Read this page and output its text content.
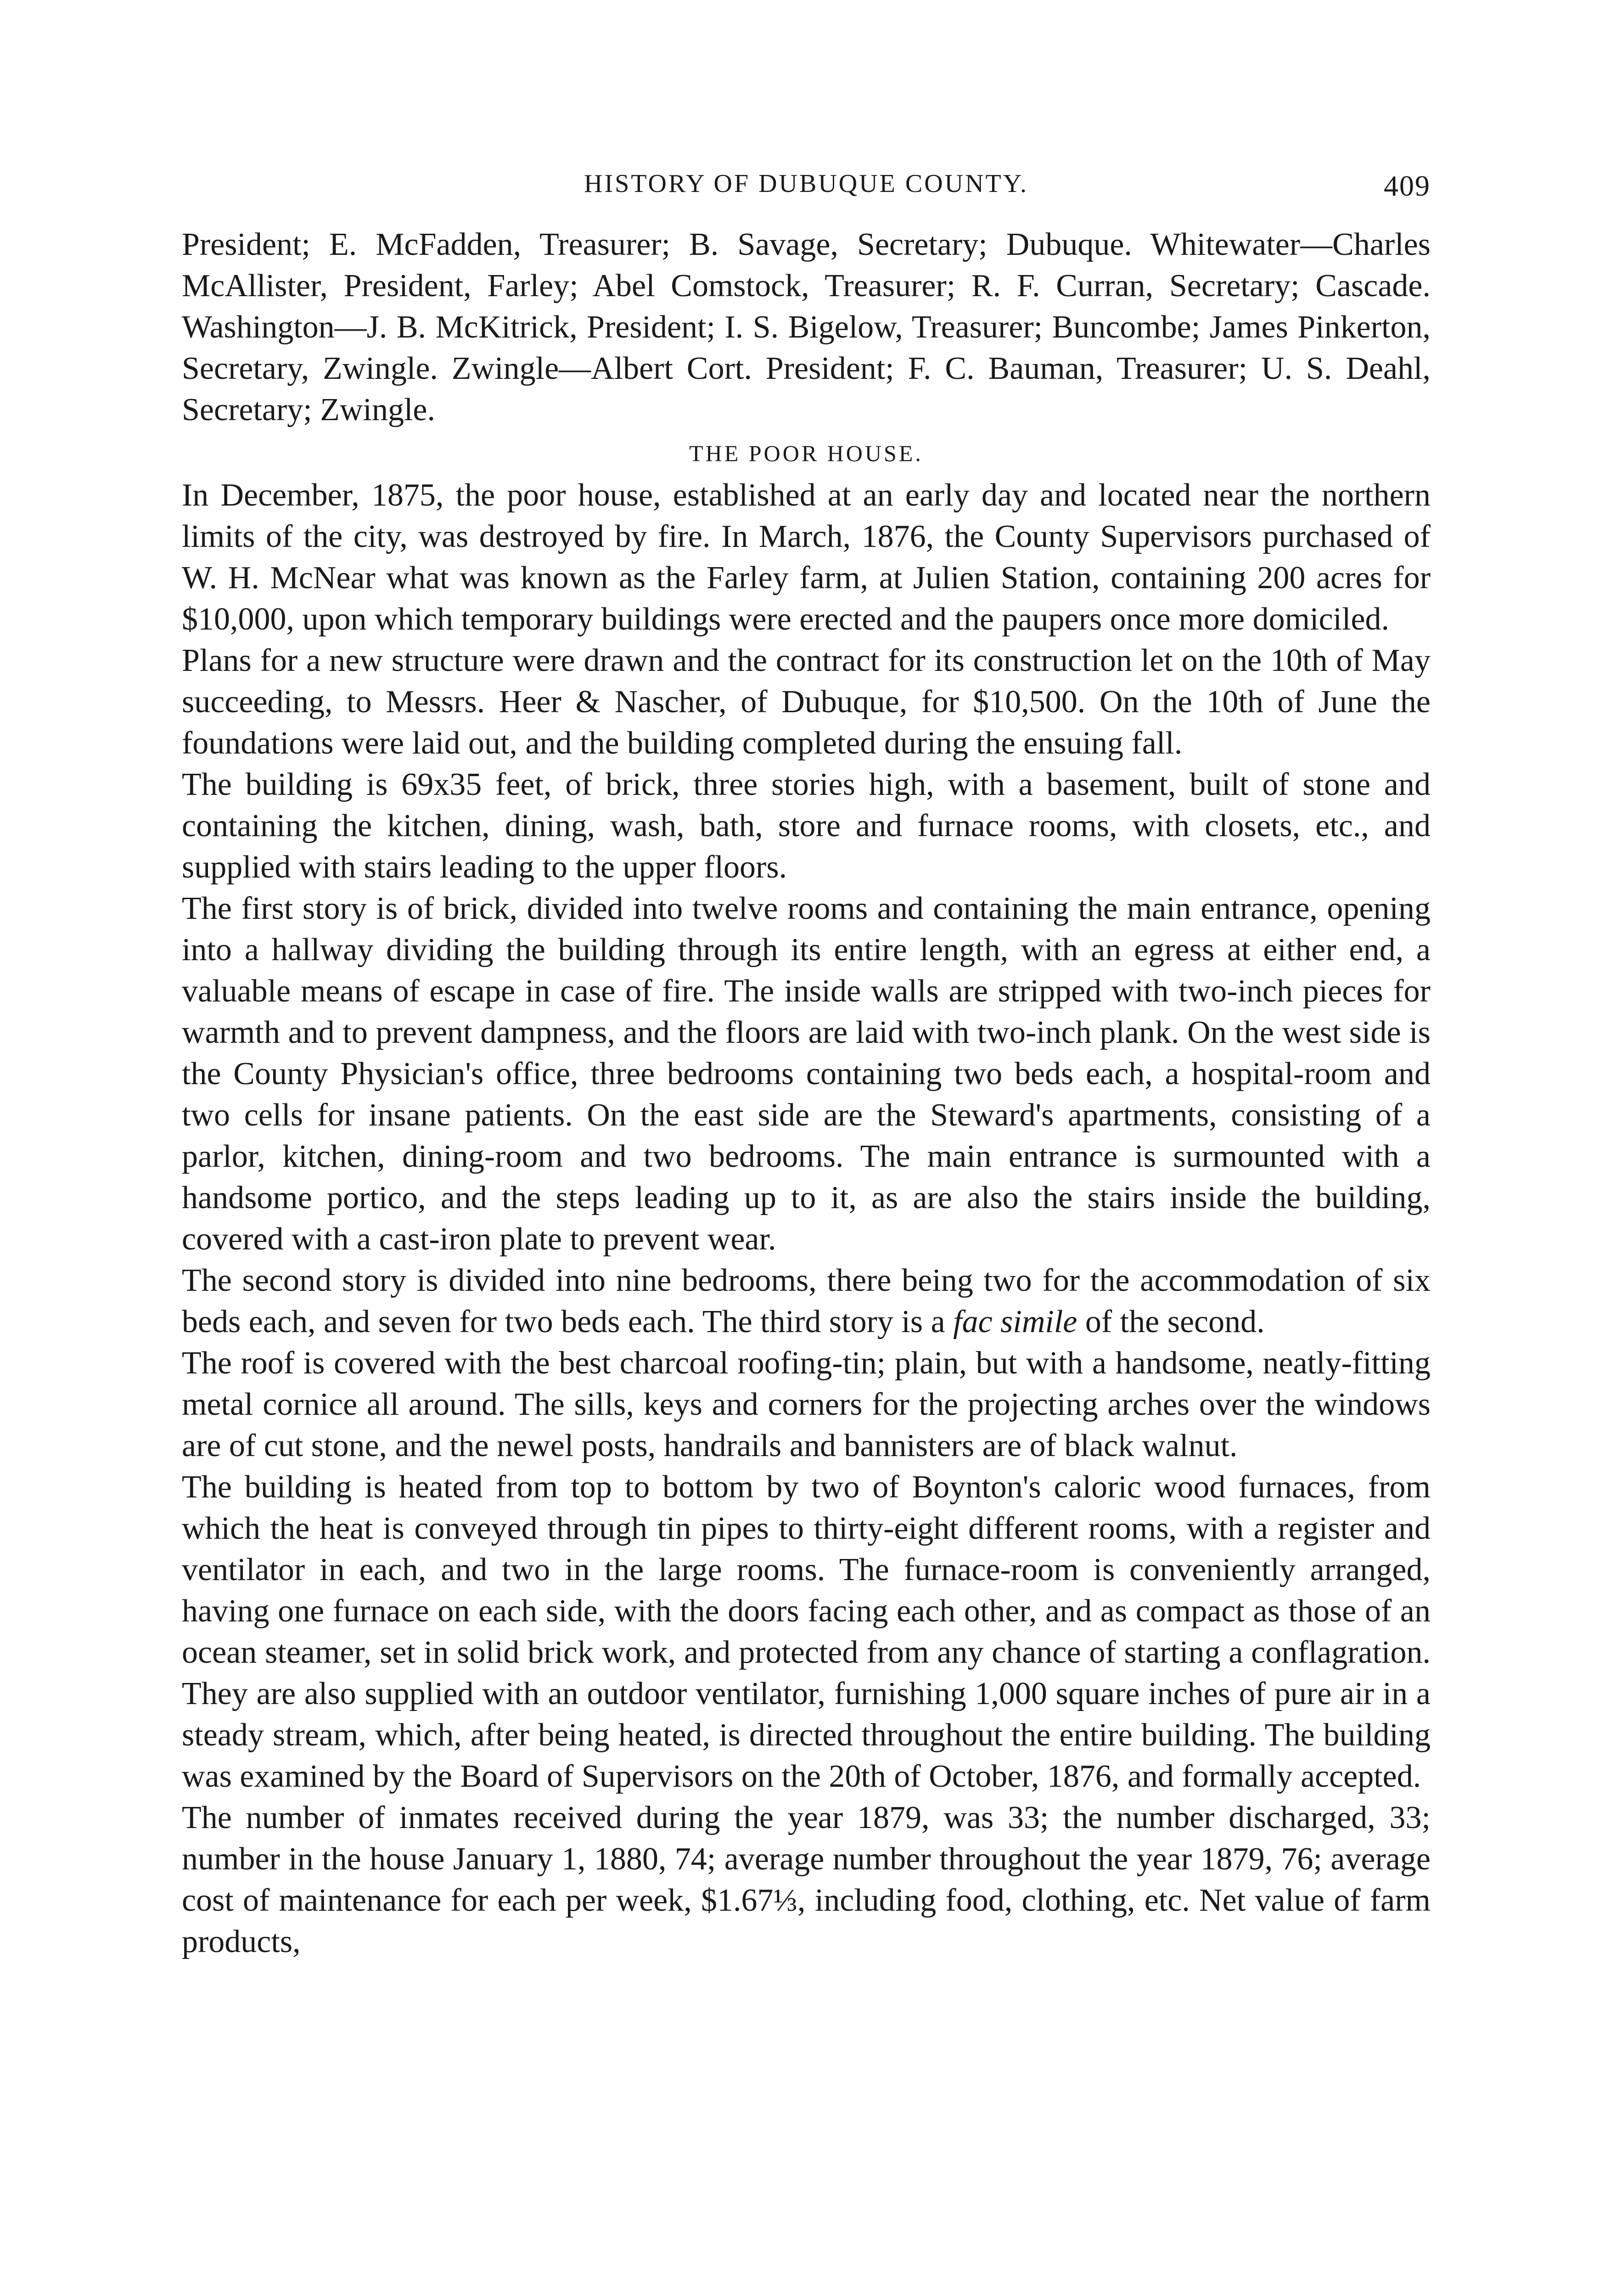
HISTORY OF DUBUQUE COUNTY.	409

President; E. McFadden, Treasurer; B. Savage, Secretary; Dubuque. Whitewater—Charles McAllister, President, Farley; Abel Comstock, Treasurer; R. F. Curran, Secretary; Cascade. Washington—J. B. McKitrick, President; I. S. Bigelow, Treasurer; Buncombe; James Pinkerton, Secretary, Zwingle. Zwingle—Albert Cort. President; F. C. Bauman, Treasurer; U. S. Deahl, Secretary; Zwingle.

THE POOR HOUSE.

In December, 1875, the poor house, established at an early day and located near the northern limits of the city, was destroyed by fire. In March, 1876, the County Supervisors purchased of W. H. McNear what was known as the Farley farm, at Julien Station, containing 200 acres for $10,000, upon which temporary buildings were erected and the paupers once more domiciled.

Plans for a new structure were drawn and the contract for its construction let on the 10th of May succeeding, to Messrs. Heer & Nascher, of Dubuque, for $10,500. On the 10th of June the foundations were laid out, and the building completed during the ensuing fall.

The building is 69x35 feet, of brick, three stories high, with a basement, built of stone and containing the kitchen, dining, wash, bath, store and furnace rooms, with closets, etc., and supplied with stairs leading to the upper floors.

The first story is of brick, divided into twelve rooms and containing the main entrance, opening into a hallway dividing the building through its entire length, with an egress at either end, a valuable means of escape in case of fire. The inside walls are stripped with two-inch pieces for warmth and to prevent dampness, and the floors are laid with two-inch plank. On the west side is the County Physician's office, three bedrooms containing two beds each, a hospital-room and two cells for insane patients. On the east side are the Steward's apartments, consisting of a parlor, kitchen, dining-room and two bedrooms. The main entrance is surmounted with a handsome portico, and the steps leading up to it, as are also the stairs inside the building, covered with a cast-iron plate to prevent wear.

The second story is divided into nine bedrooms, there being two for the accommodation of six beds each, and seven for two beds each. The third story is a fac simile of the second.

The roof is covered with the best charcoal roofing-tin; plain, but with a handsome, neatly-fitting metal cornice all around. The sills, keys and corners for the projecting arches over the windows are of cut stone, and the newel posts, handrails and bannisters are of black walnut.

The building is heated from top to bottom by two of Boynton's caloric wood furnaces, from which the heat is conveyed through tin pipes to thirty-eight different rooms, with a register and ventilator in each, and two in the large rooms. The furnace-room is conveniently arranged, having one furnace on each side, with the doors facing each other, and as compact as those of an ocean steamer, set in solid brick work, and protected from any chance of starting a conflagration. They are also supplied with an outdoor ventilator, furnishing 1,000 square inches of pure air in a steady stream, which, after being heated, is directed throughout the entire building. The building was examined by the Board of Supervisors on the 20th of October, 1876, and formally accepted.

The number of inmates received during the year 1879, was 33; the number discharged, 33; number in the house January 1, 1880, 74; average number throughout the year 1879, 76; average cost of maintenance for each per week, $1.67⅓, including food, clothing, etc. Net value of farm products,
